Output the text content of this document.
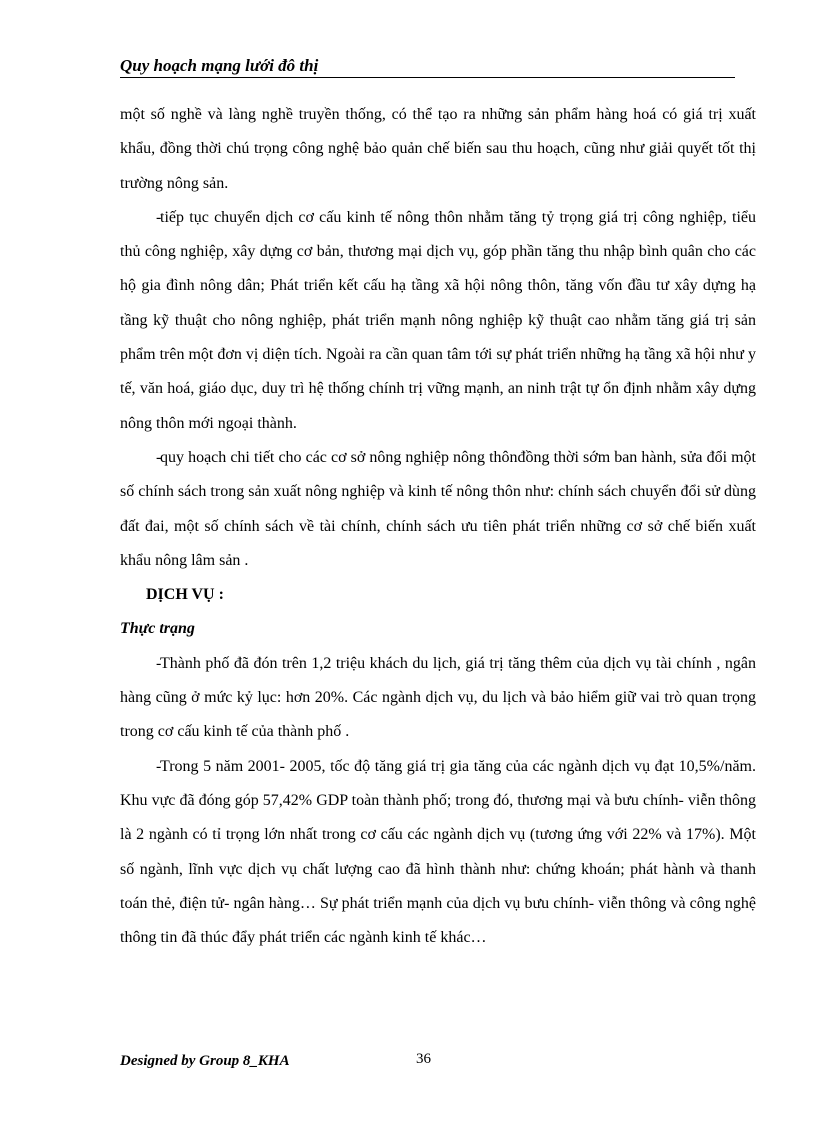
Quy hoạch mạng lưới đô thị

một số nghề và làng nghề truyền thống, có thể tạo ra những sản phẩm hàng hoá có giá trị xuất khẩu, đồng thời chú trọng công nghệ bảo quản chế biến sau thu hoạch, cũng như giải quyết tốt thị trường nông sản.

-tiếp tục chuyển dịch cơ cấu kinh tế nông thôn nhằm tăng tỷ trọng giá trị công nghiệp, tiểu thủ công nghiệp, xây dựng cơ bản, thương mại dịch vụ, góp phần tăng thu nhập bình quân cho các hộ gia đình nông dân; Phát triển kết cấu hạ tầng xã hội nông thôn, tăng vốn đầu tư xây dựng hạ tầng kỹ thuật cho nông nghiệp, phát triển mạnh nông nghiệp kỹ thuật cao nhằm tăng giá trị sản phẩm trên một đơn vị diện tích. Ngoài ra cần quan tâm tới sự phát triển những hạ tầng xã hội như y tế, văn hoá, giáo dục, duy trì hệ thống chính trị vững mạnh, an ninh trật tự ổn định nhằm xây dựng nông thôn mới ngoại thành.

-quy hoạch chi tiết cho các cơ sở nông nghiệp nông thônđồng thời sớm ban hành, sửa đổi một số chính sách trong sản xuất nông nghiệp và kinh tế nông thôn như: chính sách chuyển đổi sử dùng đất đai, một số chính sách về tài chính, chính sách ưu tiên phát triển những cơ sở chế biến xuất khẩu nông lâm sản .

DỊCH VỤ :

Thực trạng

-Thành phố đã đón trên 1,2 triệu khách du lịch, giá trị tăng thêm của dịch vụ tài chính , ngân hàng cũng ở mức kỷ lục: hơn 20%. Các ngành dịch vụ, du lịch và bảo hiểm giữ vai trò quan trọng trong cơ cấu kinh tế của thành phố .

-Trong 5 năm 2001- 2005, tốc độ tăng giá trị gia tăng của các ngành dịch vụ đạt 10,5%/năm. Khu vực đã đóng góp 57,42% GDP toàn thành phố; trong đó, thương mại và bưu chính- viễn thông là 2 ngành có tỉ trọng lớn nhất trong cơ cấu các ngành dịch vụ (tương ứng với 22% và 17%). Một số ngành, lĩnh vực dịch vụ chất lượng cao đã hình thành như: chứng khoán; phát hành và thanh toán thẻ, điện tử- ngân hàng… Sự phát triển mạnh của dịch vụ bưu chính- viễn thông và công nghệ thông tin đã thúc đẩy phát triển các ngành kinh tế khác…

Designed by Group 8_KHA	36
